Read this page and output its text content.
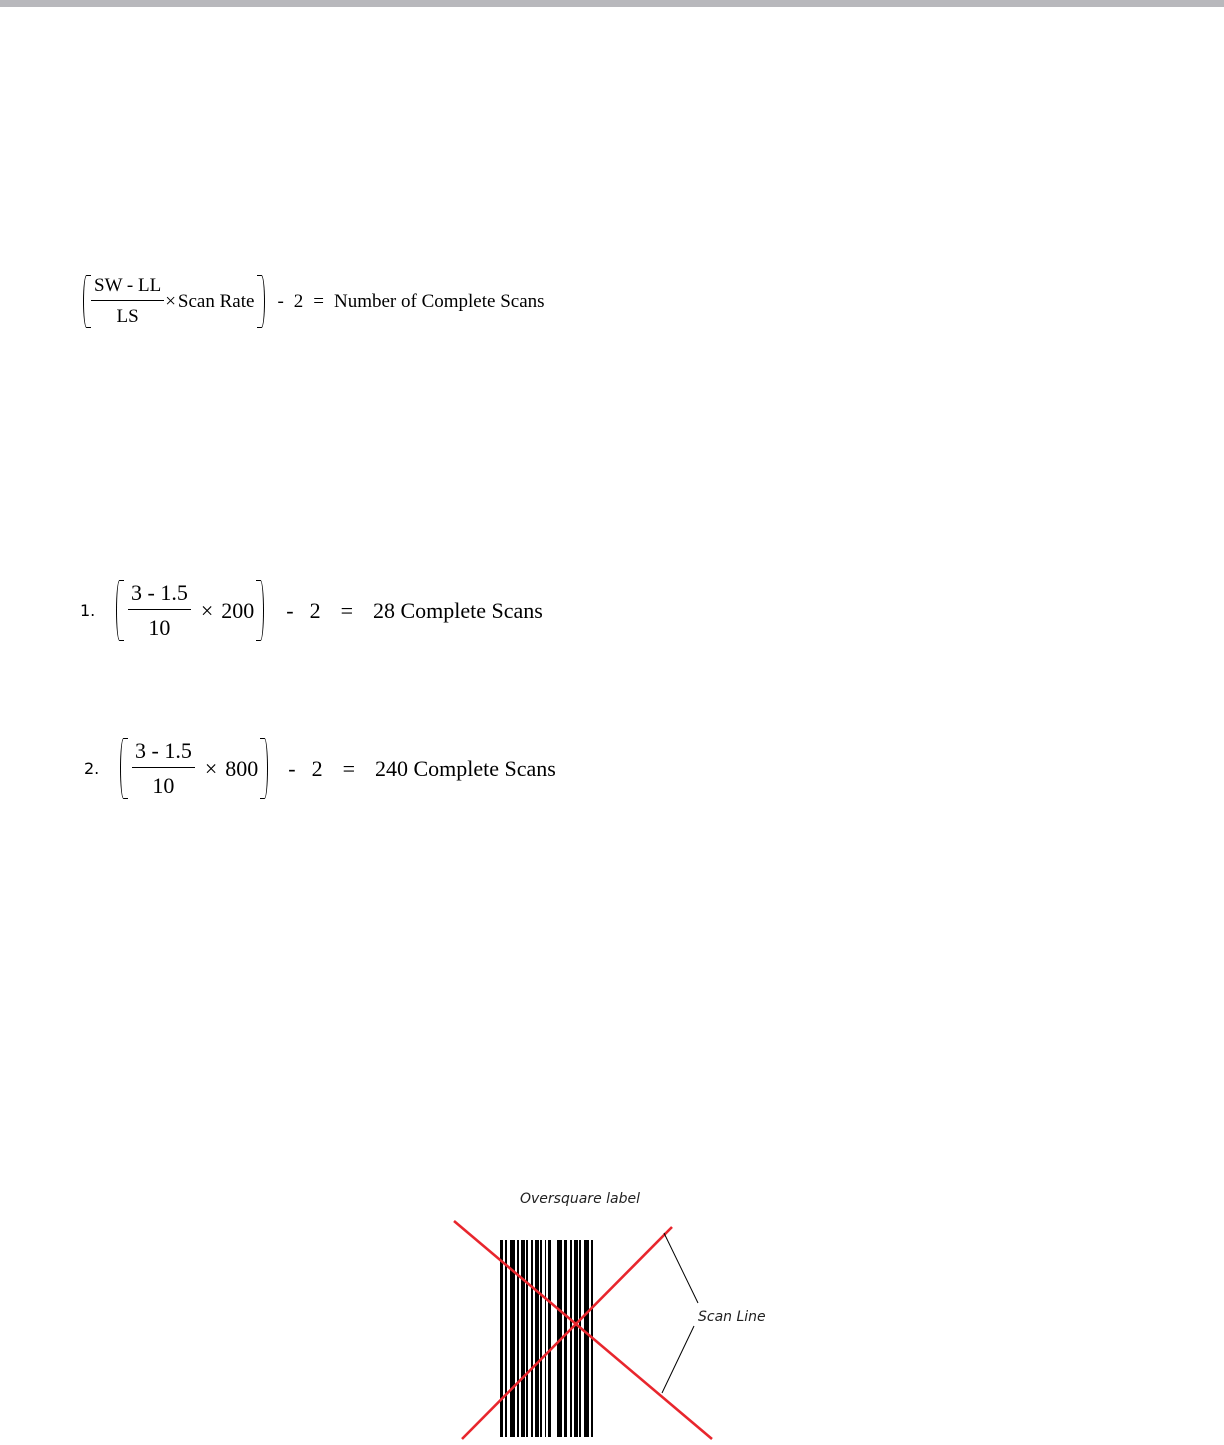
$\frac{SW - LL}{LS}$ × Scan Rate - 2 = Number of Complete Scans
1.	$\frac{3 - 1.5}{10} \times 200 - 2 = 28$ Complete Scans
2.	$\frac{3 - 1.5}{10} \times 800 - 2 = 240$ Complete Scans
Oversquare label
Scan Line
